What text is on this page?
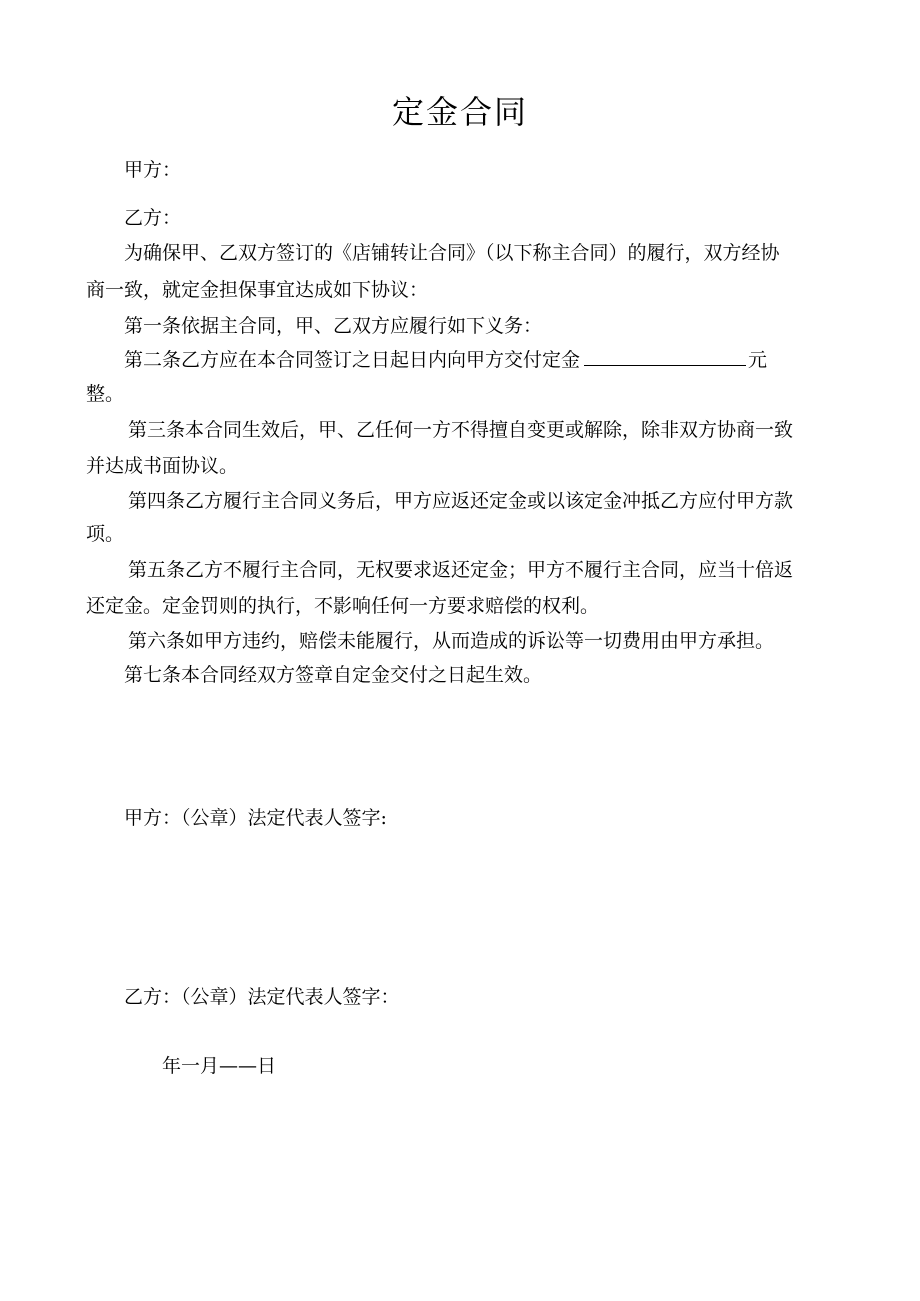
定金合同
甲方：
乙方：
为确保甲、乙双方签订的《店铺转让合同》（以下称主合同）的履行，双方经协
商一致，就定金担保事宜达成如下协议：
第一条依据主合同，甲、乙双方应履行如下义务：
第二条乙方应在本合同签订之日起日内向甲方交付定金	元
整。
第三条本合同生效后，甲、乙任何一方不得擅自变更或解除，除非双方协商一致
并达成书面协议。
第四条乙方履行主合同义务后，甲方应返还定金或以该定金冲抵乙方应付甲方款
项。
第五条乙方不履行主合同，无权要求返还定金；甲方不履行主合同，应当十倍返
还定金。定金罚则的执行，不影响任何一方要求赔偿的权利。
第六条如甲方违约，赔偿未能履行，从而造成的诉讼等一切费用由甲方承担。
第七条本合同经双方签章自定金交付之日起生效。
甲方：（公章）法定代表人签字:
乙方：（公章）法定代表人签字：
年一月——日
